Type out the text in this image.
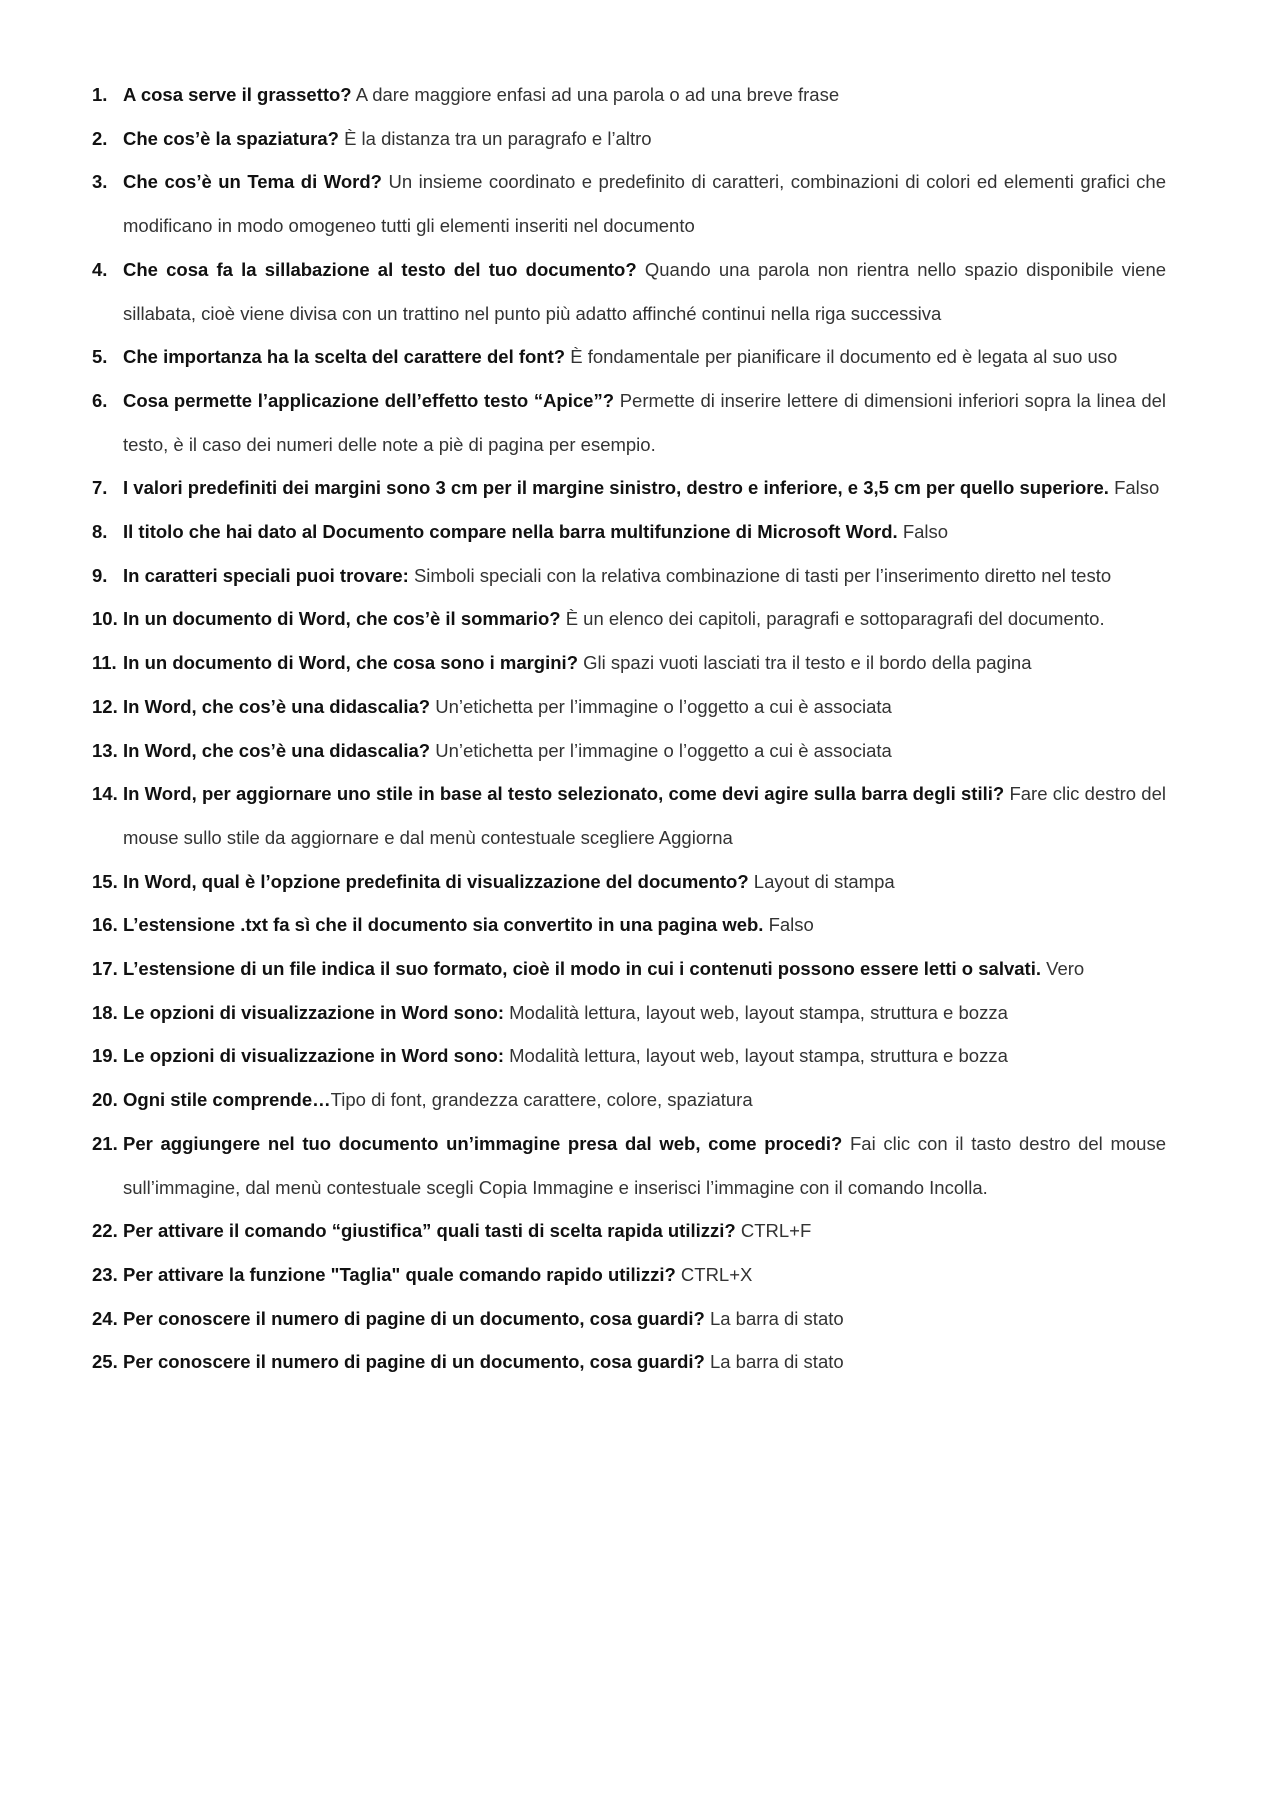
1. A cosa serve il grassetto? A dare maggiore enfasi ad una parola o ad una breve frase
2. Che cos’è la spaziatura? È la distanza tra un paragrafo e l’altro
3. Che cos’è un Tema di Word? Un insieme coordinato e predefinito di caratteri, combinazioni di colori ed elementi grafici che modificano in modo omogeneo tutti gli elementi inseriti nel documento
4. Che cosa fa la sillabazione al testo del tuo documento? Quando una parola non rientra nello spazio disponibile viene sillabata, cioè viene divisa con un trattino nel punto più adatto affinché continui nella riga successiva
5. Che importanza ha la scelta del carattere del font? È fondamentale per pianificare il documento ed è legata al suo uso
6. Cosa permette l’applicazione dell’effetto testo “Apice”? Permette di inserire lettere di dimensioni inferiori sopra la linea del testo, è il caso dei numeri delle note a piè di pagina per esempio.
7. I valori predefiniti dei margini sono 3 cm per il margine sinistro, destro e inferiore, e 3,5 cm per quello superiore. Falso
8. Il titolo che hai dato al Documento compare nella barra multifunzione di Microsoft Word. Falso
9. In caratteri speciali puoi trovare: Simboli speciali con la relativa combinazione di tasti per l’inserimento diretto nel testo
10. In un documento di Word, che cos’è il sommario? È un elenco dei capitoli, paragrafi e sottoparagrafi del documento.
11. In un documento di Word, che cosa sono i margini? Gli spazi vuoti lasciati tra il testo e il bordo della pagina
12. In Word, che cos’è una didascalia? Un’etichetta per l’immagine o l’oggetto a cui è associata
13. In Word, che cos’è una didascalia? Un’etichetta per l’immagine o l’oggetto a cui è associata
14. In Word, per aggiornare uno stile in base al testo selezionato, come devi agire sulla barra degli stili? Fare clic destro del mouse sullo stile da aggiornare e dal menù contestuale scegliere Aggiorna
15. In Word, qual è l’opzione predefinita di visualizzazione del documento? Layout di stampa
16. L’estensione .txt fa sì che il documento sia convertito in una pagina web. Falso
17. L’estensione di un file indica il suo formato, cioè il modo in cui i contenuti possono essere letti o salvati. Vero
18. Le opzioni di visualizzazione in Word sono: Modalità lettura, layout web, layout stampa, struttura e bozza
19. Le opzioni di visualizzazione in Word sono: Modalità lettura, layout web, layout stampa, struttura e bozza
20. Ogni stile comprende…Tipo di font, grandezza carattere, colore, spaziatura
21. Per aggiungere nel tuo documento un’immagine presa dal web, come procedi? Fai clic con il tasto destro del mouse sull’immagine, dal menù contestuale scegli Copia Immagine e inserisci l’immagine con il comando Incolla.
22. Per attivare il comando “giustifica” quali tasti di scelta rapida utilizzi? CTRL+F
23. Per attivare la funzione "Taglia" quale comando rapido utilizzi? CTRL+X
24. Per conoscere il numero di pagine di un documento, cosa guardi? La barra di stato
25. Per conoscere il numero di pagine di un documento, cosa guardi? La barra di stato
